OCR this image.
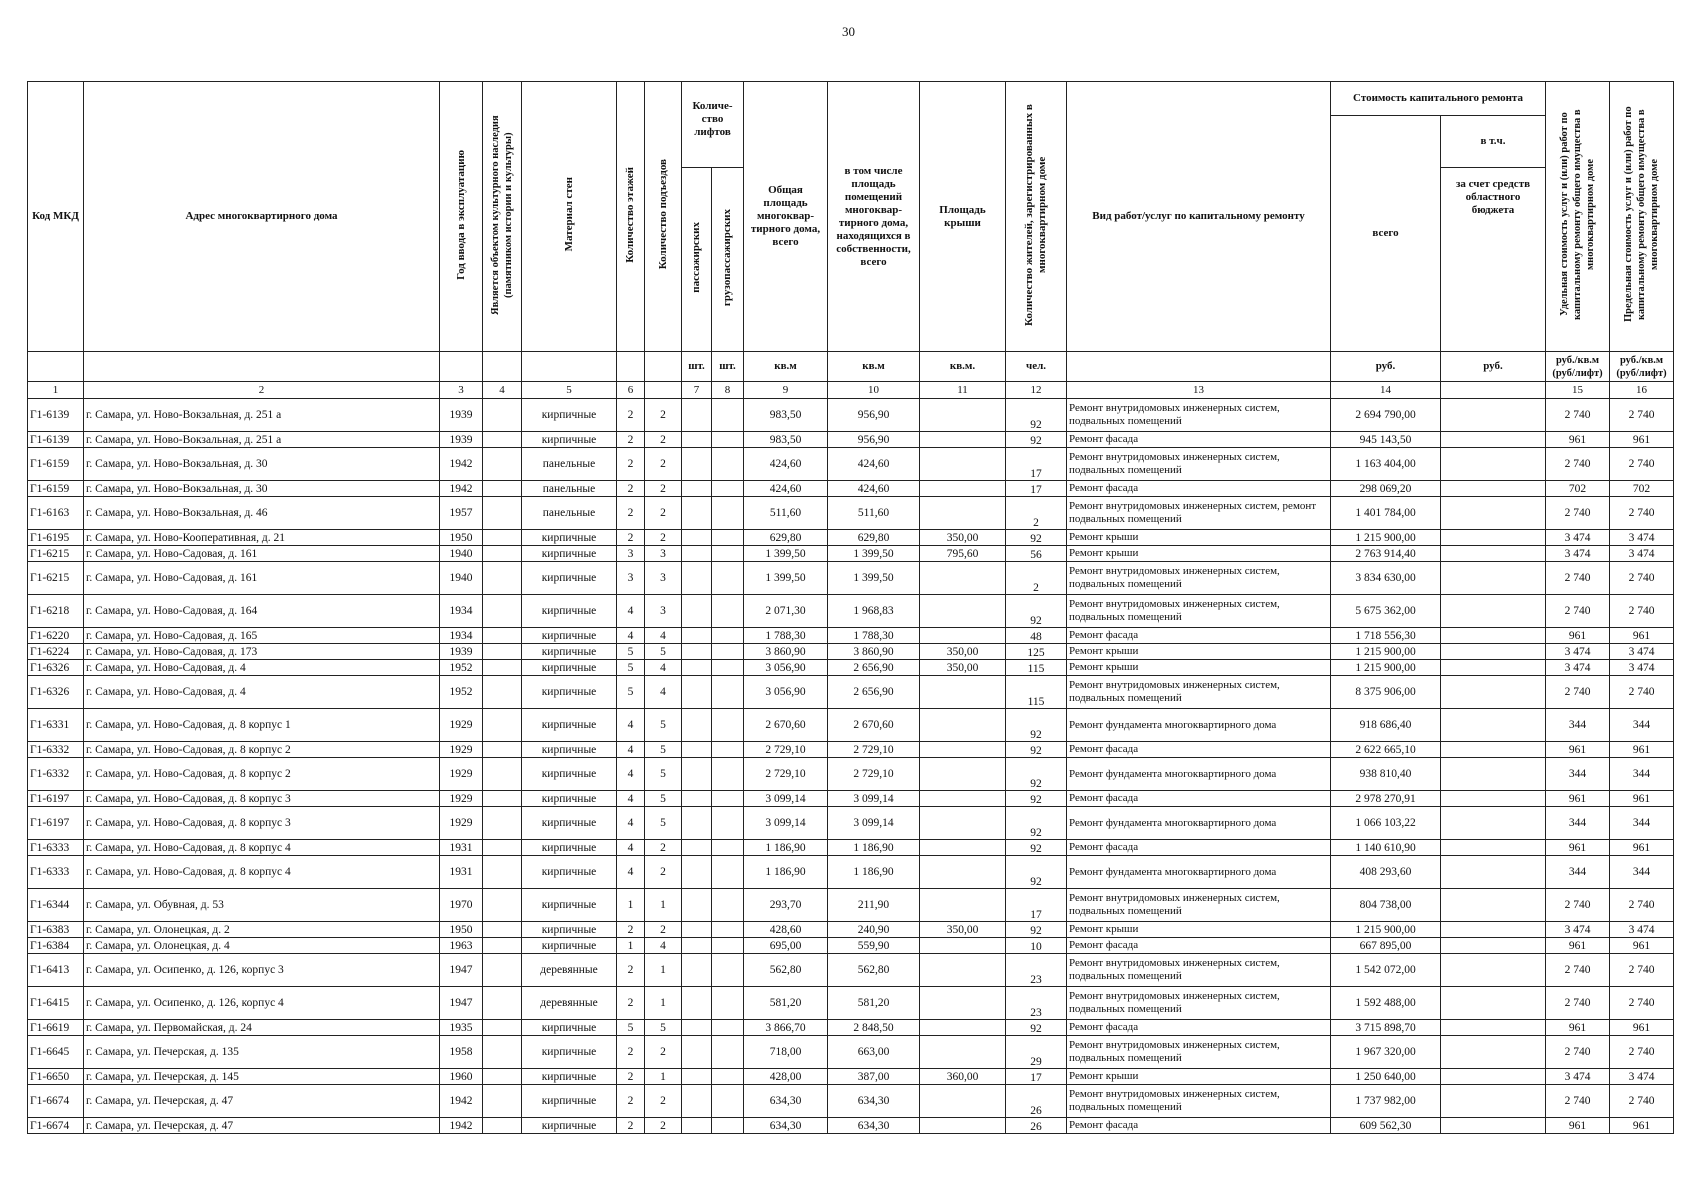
30
Код МКД	Адрес многоквартирного дома	Год ввода в эксплуатацию	Является объектом культурного наследия (памятником истории и культуры)	Материал стен	Количество этажей	Количество подъездов	Количе-ство лифтов		Общая площадь многоквар-тирного дома, всего	в том числе площадь помещений многоквар-тирного дома, находящихся в собственности, всего	Площадь крыши	Количество жителей, зарегистрированных в многоквартирном доме	Вид работ/услуг по капитальному ремонту	Стоимость капитального ремонта		Удельная стоимость услуг и (или) работ по капитальному ремонту общего имущества в многоквартирном доме	Предельная стоимость услуг и (или) работ по капитальному ремонту общего имущества в многоквартирном доме
														всего	в т.ч.		
							пассажирских	грузопассажирских							за счет средств областного бюджета		
							шт.	шт.	кв.м	кв.м	кв.м.	чел.		руб.	руб.	руб./кв.м (руб/лифт)	руб./кв.м (руб/лифт)
1	2	3	4	5	6		7	8	9	10	11	12	13	14		15	16
Г1-6139	г. Самара, ул. Ново-Вокзальная, д. 251 а	1939		кирпичные	2	2			983,50	956,90		92	Ремонт внутридомовых инженерных систем, подвальных помещений	2 694 790,00		2 740	2 740
Г1-6139	г. Самара, ул. Ново-Вокзальная, д. 251 а	1939		кирпичные	2	2			983,50	956,90		92	Ремонт фасада	945 143,50		961	961
Г1-6159	г. Самара, ул. Ново-Вокзальная, д. 30	1942		панельные	2	2			424,60	424,60		17	Ремонт внутридомовых инженерных систем, подвальных помещений	1 163 404,00		2 740	2 740
Г1-6159	г. Самара, ул. Ново-Вокзальная, д. 30	1942		панельные	2	2			424,60	424,60		17	Ремонт фасада	298 069,20		702	702
Г1-6163	г. Самара, ул. Ново-Вокзальная, д. 46	1957		панельные	2	2			511,60	511,60		2	Ремонт внутридомовых инженерных систем, ремонт подвальных помещений	1 401 784,00		2 740	2 740
Г1-6195	г. Самара, ул. Ново-Кооперативная, д. 21	1950		кирпичные	2	2			629,80	629,80	350,00	92	Ремонт крыши	1 215 900,00		3 474	3 474
Г1-6215	г. Самара, ул. Ново-Садовая, д. 161	1940		кирпичные	3	3			1 399,50	1 399,50	795,60	56	Ремонт крыши	2 763 914,40		3 474	3 474
Г1-6215	г. Самара, ул. Ново-Садовая, д. 161	1940		кирпичные	3	3			1 399,50	1 399,50		2	Ремонт внутридомовых инженерных систем, подвальных помещений	3 834 630,00		2 740	2 740
Г1-6218	г. Самара, ул. Ново-Садовая, д. 164	1934		кирпичные	4	3			2 071,30	1 968,83		92	Ремонт внутридомовых инженерных систем, подвальных помещений	5 675 362,00		2 740	2 740
Г1-6220	г. Самара, ул. Ново-Садовая, д. 165	1934		кирпичные	4	4			1 788,30	1 788,30		48	Ремонт фасада	1 718 556,30		961	961
Г1-6224	г. Самара, ул. Ново-Садовая, д. 173	1939		кирпичные	5	5			3 860,90	3 860,90	350,00	125	Ремонт крыши	1 215 900,00		3 474	3 474
Г1-6326	г. Самара, ул. Ново-Садовая, д. 4	1952		кирпичные	5	4			3 056,90	2 656,90	350,00	115	Ремонт крыши	1 215 900,00		3 474	3 474
Г1-6326	г. Самара, ул. Ново-Садовая, д. 4	1952		кирпичные	5	4			3 056,90	2 656,90		115	Ремонт внутридомовых инженерных систем, подвальных помещений	8 375 906,00		2 740	2 740
Г1-6331	г. Самара, ул. Ново-Садовая, д. 8 корпус 1	1929		кирпичные	4	5			2 670,60	2 670,60		92	Ремонт фундамента многоквартирного дома	918 686,40		344	344
Г1-6332	г. Самара, ул. Ново-Садовая, д. 8 корпус 2	1929		кирпичные	4	5			2 729,10	2 729,10		92	Ремонт фасада	2 622 665,10		961	961
Г1-6332	г. Самара, ул. Ново-Садовая, д. 8 корпус 2	1929		кирпичные	4	5			2 729,10	2 729,10		92	Ремонт фундамента многоквартирного дома	938 810,40		344	344
Г1-6197	г. Самара, ул. Ново-Садовая, д. 8 корпус 3	1929		кирпичные	4	5			3 099,14	3 099,14		92	Ремонт фасада	2 978 270,91		961	961
Г1-6197	г. Самара, ул. Ново-Садовая, д. 8 корпус 3	1929		кирпичные	4	5			3 099,14	3 099,14		92	Ремонт фундамента многоквартирного дома	1 066 103,22		344	344
Г1-6333	г. Самара, ул. Ново-Садовая, д. 8 корпус 4	1931		кирпичные	4	2			1 186,90	1 186,90		92	Ремонт фасада	1 140 610,90		961	961
Г1-6333	г. Самара, ул. Ново-Садовая, д. 8 корпус 4	1931		кирпичные	4	2			1 186,90	1 186,90		92	Ремонт фундамента многоквартирного дома	408 293,60		344	344
Г1-6344	г. Самара, ул. Обувная, д. 53	1970		кирпичные	1	1			293,70	211,90		17	Ремонт внутридомовых инженерных систем, подвальных помещений	804 738,00		2 740	2 740
Г1-6383	г. Самара, ул. Олонецкая, д. 2	1950		кирпичные	2	2			428,60	240,90	350,00	92	Ремонт крыши	1 215 900,00		3 474	3 474
Г1-6384	г. Самара, ул. Олонецкая, д. 4	1963		кирпичные	1	4			695,00	559,90		10	Ремонт фасада	667 895,00		961	961
Г1-6413	г. Самара, ул. Осипенко, д. 126, корпус 3	1947		деревянные	2	1			562,80	562,80		23	Ремонт внутридомовых инженерных систем, подвальных помещений	1 542 072,00		2 740	2 740
Г1-6415	г. Самара, ул. Осипенко, д. 126, корпус 4	1947		деревянные	2	1			581,20	581,20		23	Ремонт внутридомовых инженерных систем, подвальных помещений	1 592 488,00		2 740	2 740
Г1-6619	г. Самара, ул. Первомайская, д. 24	1935		кирпичные	5	5			3 866,70	2 848,50		92	Ремонт фасада	3 715 898,70		961	961
Г1-6645	г. Самара, ул. Печерская, д. 135	1958		кирпичные	2	2			718,00	663,00		29	Ремонт внутридомовых инженерных систем, подвальных помещений	1 967 320,00		2 740	2 740
Г1-6650	г. Самара, ул. Печерская, д. 145	1960		кирпичные	2	1			428,00	387,00	360,00	17	Ремонт крыши	1 250 640,00		3 474	3 474
Г1-6674	г. Самара, ул. Печерская, д. 47	1942		кирпичные	2	2			634,30	634,30		26	Ремонт внутридомовых инженерных систем, подвальных помещений	1 737 982,00		2 740	2 740
Г1-6674	г. Самара, ул. Печерская, д. 47	1942		кирпичные	2	2			634,30	634,30		26	Ремонт фасада	609 562,30		961	961
